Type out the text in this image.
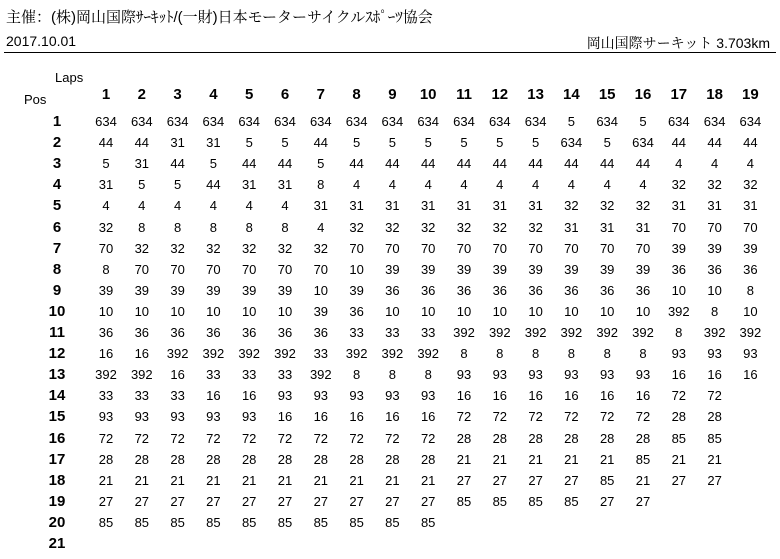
主催：(株)岡山国際ｻｰｷｯﾄ/(一財)日本モーターサイクルｽﾎﾟｰﾂ協会
2017.10.01	岡山国際サーキット 3.703km
Laps
Pos	1	2	3	4	5	6	7	8	9	10	11	12	13	14	15	16	17	18	19
1	634	634	634	634	634	634	634	634	634	634	634	634	634	5	634	5	634	634	634
2	44	44	31	31	5	5	44	5	5	5	5	5	5	634	5	634	44	44	44
3	5	31	44	5	44	44	5	44	44	44	44	44	44	44	44	44	4	4	4
4	31	5	5	44	31	31	8	4	4	4	4	4	4	4	4	4	32	32	32
5	4	4	4	4	4	4	31	31	31	31	31	31	31	32	32	32	31	31	31
6	32	8	8	8	8	8	4	32	32	32	32	32	32	31	31	31	70	70	70
7	70	32	32	32	32	32	32	70	70	70	70	70	70	70	70	70	39	39	39
8	8	70	70	70	70	70	70	10	39	39	39	39	39	39	39	39	36	36	36
9	39	39	39	39	39	39	10	39	36	36	36	36	36	36	36	36	10	10	8
10	10	10	10	10	10	10	39	36	10	10	10	10	10	10	10	10	392	8	10
11	36	36	36	36	36	36	36	33	33	33	392	392	392	392	392	392	8	392	392
12	16	16	392	392	392	392	33	392	392	392	8	8	8	8	8	8	93	93	93
13	392	392	16	33	33	33	392	8	8	8	93	93	93	93	93	93	16	16	16
14	33	33	33	16	16	93	93	93	93	93	16	16	16	16	16	16	72	72
15	93	93	93	93	93	16	16	16	16	16	72	72	72	72	72	72	28	28
16	72	72	72	72	72	72	72	72	72	72	28	28	28	28	28	28	85	85
17	28	28	28	28	28	28	28	28	28	28	21	21	21	21	21	85	21	21
18	21	21	21	21	21	21	21	21	21	21	27	27	27	27	85	21	27	27
19	27	27	27	27	27	27	27	27	27	27	85	85	85	85	27	27
20	85	85	85	85	85	85	85	85	85	85
21
